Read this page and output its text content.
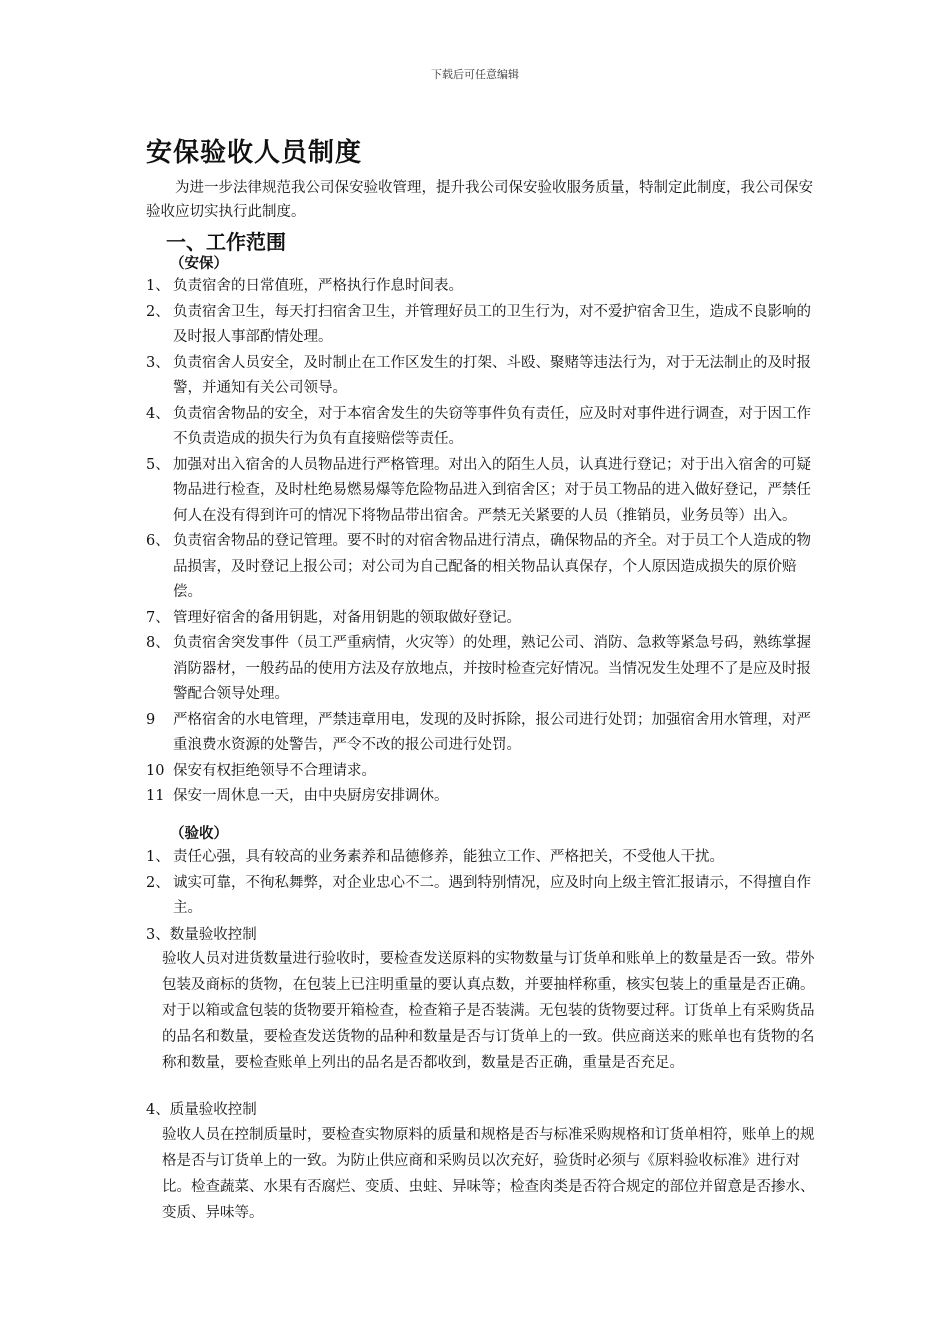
下载后可任意编辑
安保验收人员制度

为进一步法律规范我公司保安验收管理，提升我公司保安验收服务质量，特制定此制度，我公司保安验收应切实执行此制度。

一、工作范围

（安保）

1、 负责宿舍的日常值班，严格执行作息时间表。
2、 负责宿舍卫生，每天打扫宿舍卫生，并管理好员工的卫生行为，对不爱护宿舍卫生，造成不良影响的及时报人事部酌情处理。
3、 负责宿舍人员安全，及时制止在工作区发生的打架、斗殴、聚赌等违法行为，对于无法制止的及时报警，并通知有关公司领导。
4、 负责宿舍物品的安全，对于本宿舍发生的失窃等事件负有责任，应及时对事件进行调查，对于因工作不负责造成的损失行为负有直接赔偿等责任。
5、 加强对出入宿舍的人员物品进行严格管理。对出入的陌生人员，认真进行登记；对于出入宿舍的可疑物品进行检查，及时杜绝易燃易爆等危险物品进入到宿舍区；对于员工物品的进入做好登记，严禁任何人在没有得到许可的情况下将物品带出宿舍。严禁无关紧要的人员（推销员，业务员等）出入。
6、 负责宿舍物品的登记管理。要不时的对宿舍物品进行清点，确保物品的齐全。对于员工个人造成的物品损害，及时登记上报公司；对公司为自己配备的相关物品认真保存，个人原因造成损失的原价赔偿。
7、 管理好宿舍的备用钥匙，对备用钥匙的领取做好登记。
8、 负责宿舍突发事件（员工严重病情，火灾等）的处理，熟记公司、消防、急救等紧急号码，熟练掌握消防器材，一般药品的使用方法及存放地点，并按时检查完好情况。当情况发生处理不了是应及时报警配合领导处理。
9 严格宿舍的水电管理，严禁违章用电，发现的及时拆除，报公司进行处罚；加强宿舍用水管理，对严重浪费水资源的处警告，严令不改的报公司进行处罚。
10 保安有权拒绝领导不合理请求。
11 保安一周休息一天，由中央厨房安排调休。

（验收）

1、 责任心强，具有较高的业务素养和品德修养，能独立工作、严格把关，不受他人干扰。
2、 诚实可靠，不徇私舞弊，对企业忠心不二。遇到特别情况，应及时向上级主管汇报请示，不得擅自作主。

3、数量验收控制

验收人员对进货数量进行验收时，要检查发送原料的实物数量与订货单和账单上的数量是否一致。带外包装及商标的货物，在包装上已注明重量的要认真点数，并要抽样称重，核实包装上的重量是否正确。对于以箱或盒包装的货物要开箱检查，检查箱子是否装满。无包装的货物要过秤。订货单上有采购货品的品名和数量，要检查发送货物的品种和数量是否与订货单上的一致。供应商送来的账单也有货物的名称和数量，要检查账单上列出的品名是否都收到，数量是否正确，重量是否充足。

4、质量验收控制

验收人员在控制质量时，要检查实物原料的质量和规格是否与标准采购规格和订货单相符，账单上的规格是否与订货单上的一致。为防止供应商和采购员以次充好，验货时必须与《原料验收标准》进行对比。检查蔬菜、水果有否腐烂、变质、虫蛀、异味等；检查肉类是否符合规定的部位并留意是否掺水、变质、异味等。
